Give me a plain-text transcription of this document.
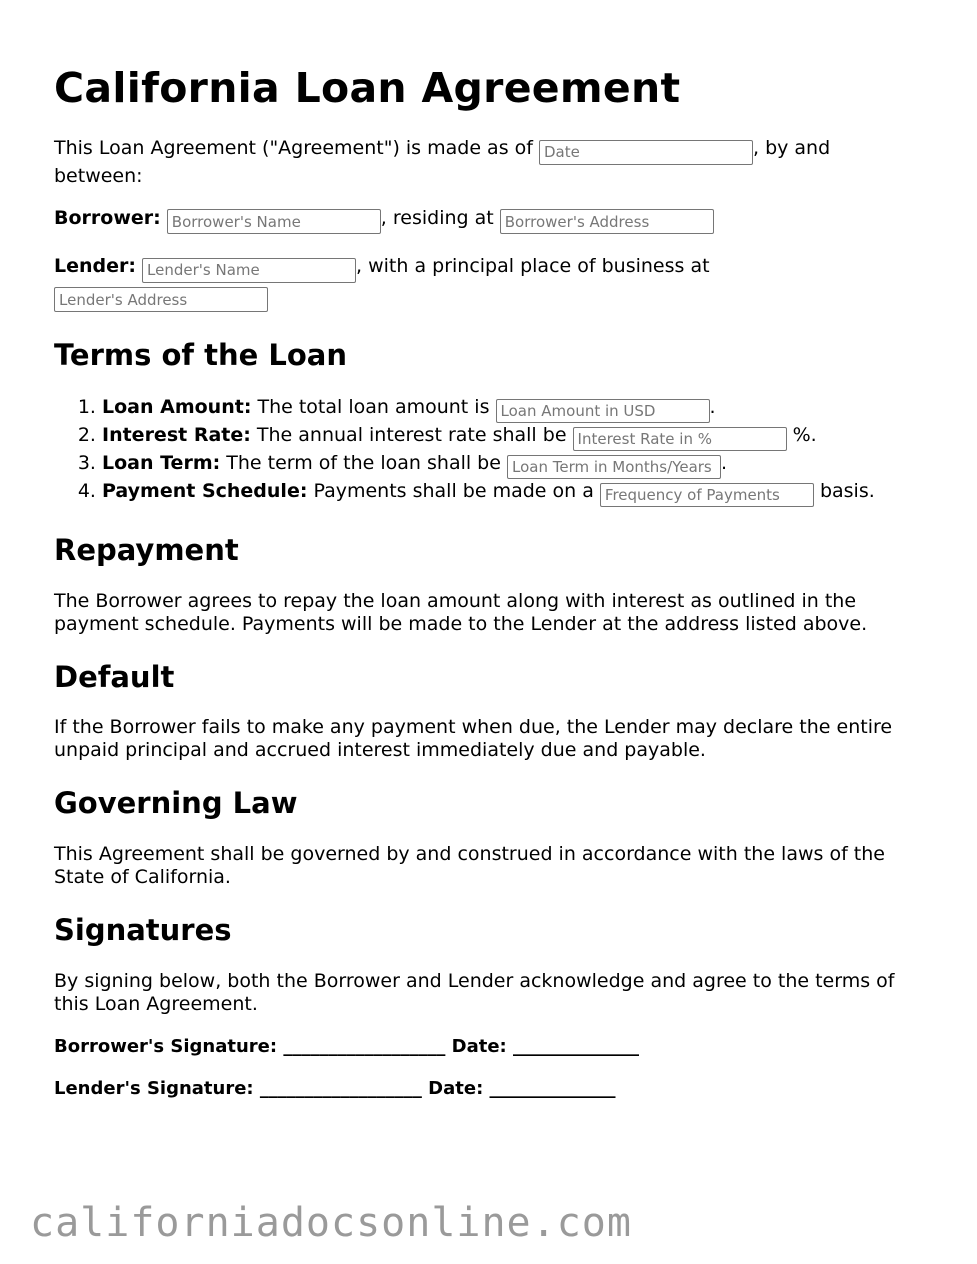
California Loan Agreement

This Loan Agreement ("Agreement") is made as of Date	, by and between:

Borrower: Borrower's Name	, residing at Borrower's Address

Lender: Lender's Name	, with a principal place of business at
Lender's Address

Terms of the Loan
1. Loan Amount: The total loan amount is Loan Amount in USD	.
2. Interest Rate: The annual interest rate shall be Interest Rate in %	%.
3. Loan Term: The term of the loan shall be Loan Term in Months/Years	.
4. Payment Schedule: Payments shall be made on a Frequency of Payments	basis.
Repayment

The Borrower agrees to repay the loan amount along with interest as outlined in the payment schedule. Payments will be made to the Lender at the address listed above.

Default

If the Borrower fails to make any payment when due, the Lender may declare the entire unpaid principal and accrued interest immediately due and payable.

Governing Law

This Agreement shall be governed by and construed in accordance with the laws of the State of California.

Signatures

By signing below, both the Borrower and Lender acknowledge and agree to the terms of this Loan Agreement.

Borrower's Signature: __________________ Date: ______________

Lender's Signature: __________________ Date: ______________

californiadocsonline.com
